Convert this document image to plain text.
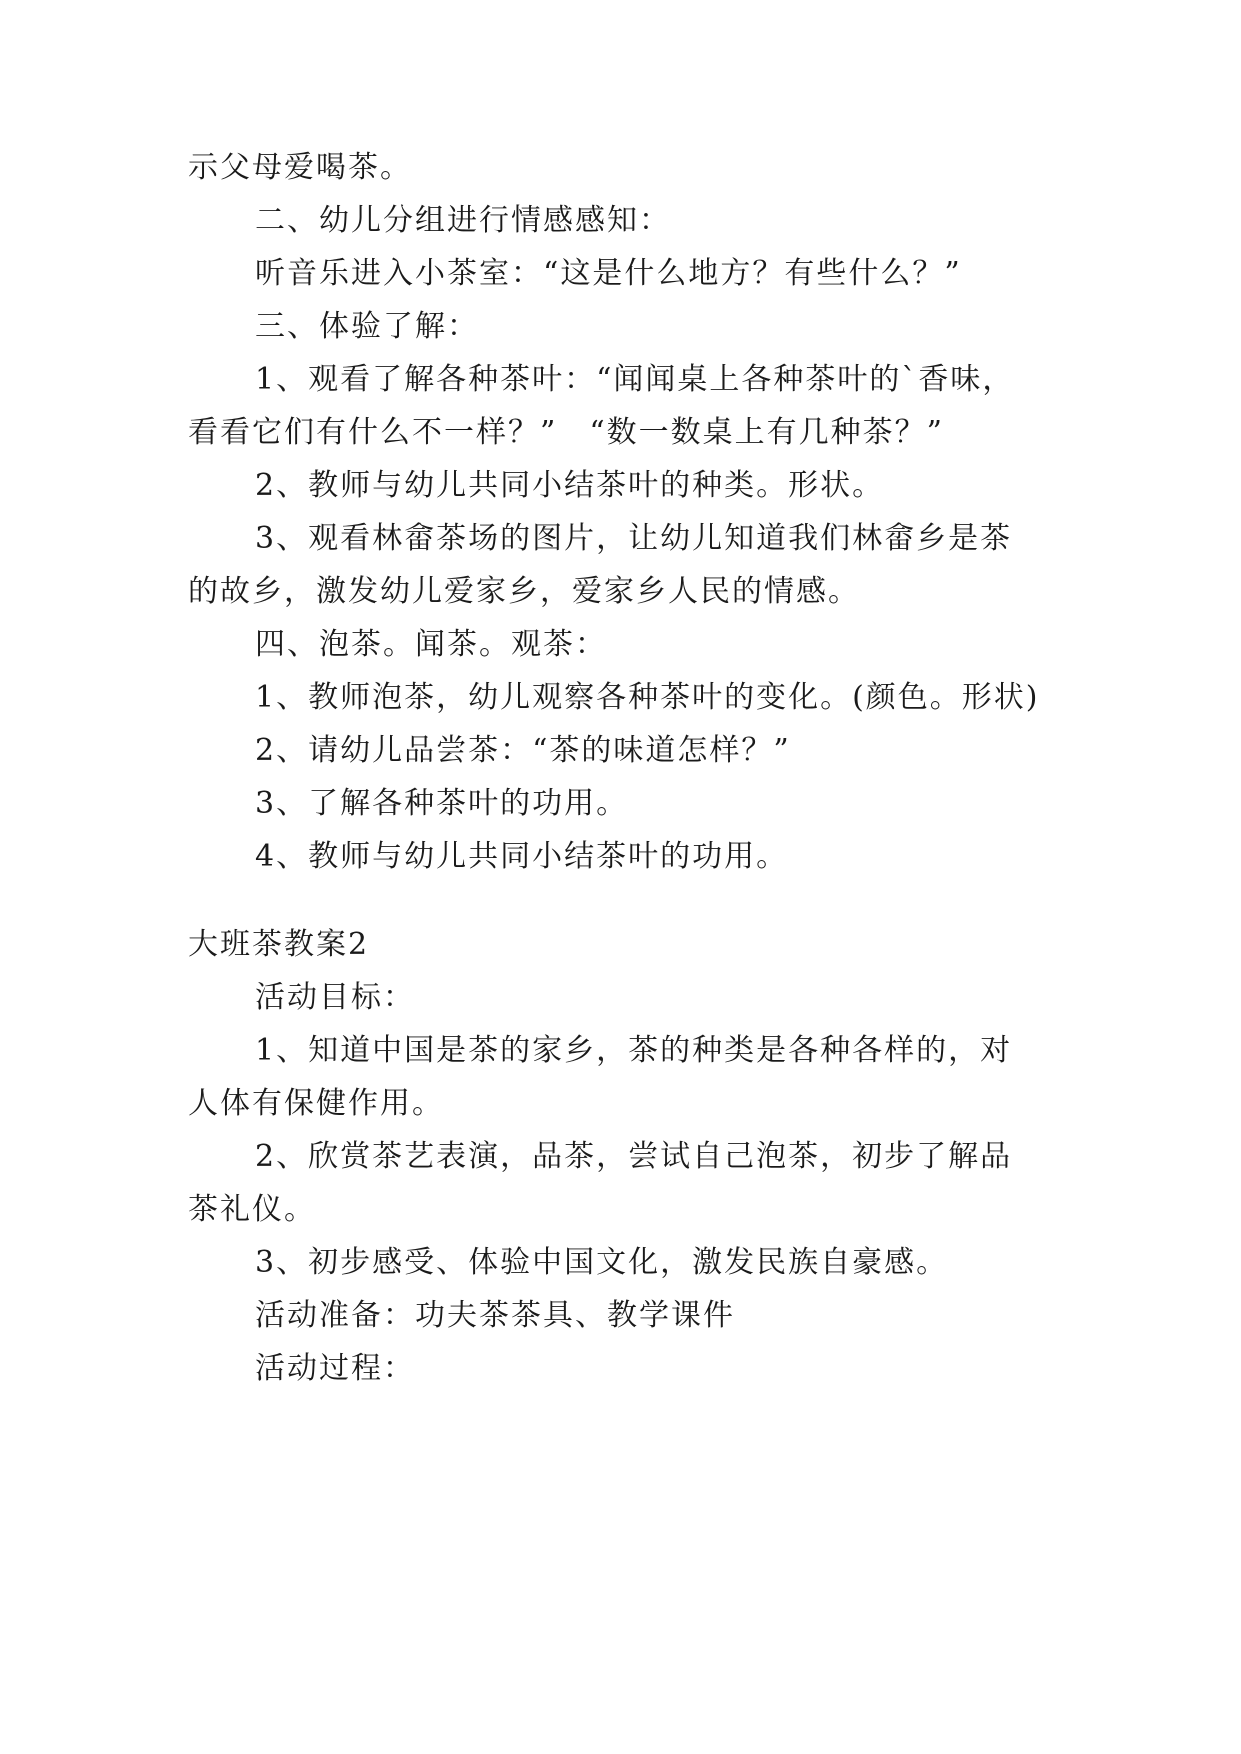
示父母爱喝茶。
二、幼儿分组进行情感感知：
听音乐进入小茶室：“这是什么地方？有些什么？”
三、体验了解：
1、观看了解各种茶叶：“闻闻桌上各种茶叶的`香味，
看看它们有什么不一样？”　“数一数桌上有几种茶？”
2、教师与幼儿共同小结茶叶的种类。形状。
3、观看林畲茶场的图片，让幼儿知道我们林畲乡是茶
的故乡，激发幼儿爱家乡，爱家乡人民的情感。
四、泡茶。闻茶。观茶：
1、教师泡茶，幼儿观察各种茶叶的变化。(颜色。形状)
2、请幼儿品尝茶：“茶的味道怎样？”
3、了解各种茶叶的功用。
4、教师与幼儿共同小结茶叶的功用。
大班茶教案2
活动目标：
1、知道中国是茶的家乡，茶的种类是各种各样的，对
人体有保健作用。
2、欣赏茶艺表演，品茶，尝试自己泡茶，初步了解品
茶礼仪。
3、初步感受、体验中国文化，激发民族自豪感。
活动准备：功夫茶茶具、教学课件
活动过程：
